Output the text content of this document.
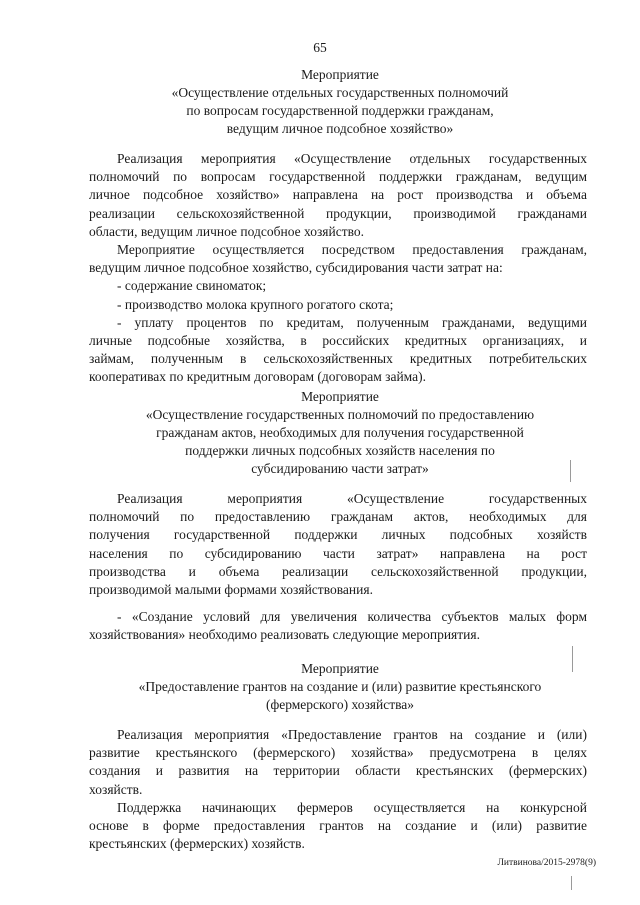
65
Мероприятие
«Осуществление отдельных государственных полномочий
по вопросам государственной поддержки гражданам,
ведущим личное подсобное хозяйство»
Реализация мероприятия «Осуществление отдельных государственных
полномочий по вопросам государственной поддержки гражданам, ведущим
личное подсобное хозяйство» направлена на рост производства и объема
реализации сельскохозяйственной продукции, производимой гражданами
области, ведущим личное подсобное хозяйство.
Мероприятие осуществляется посредством предоставления гражданам,
ведущим личное подсобное хозяйство, субсидирования части затрат на:
- содержание свиноматок;
- производство молока крупного рогатого скота;
- уплату процентов по кредитам, полученным гражданами, ведущими
личные подсобные хозяйства, в российских кредитных организациях, и
займам, полученным в сельскохозяйственных кредитных потребительских
кооперативах по кредитным договорам (договорам займа).
Мероприятие
«Осуществление государственных полномочий по предоставлению
гражданам актов, необходимых для получения государственной
поддержки личных подсобных хозяйств населения по
субсидированию части затрат»
Реализация мероприятия «Осуществление государственных
полномочий по предоставлению гражданам актов, необходимых для
получения государственной поддержки личных подсобных хозяйств
населения по субсидированию части затрат» направлена на рост
производства и объема реализации сельскохозяйственной продукции,
производимой малыми формами хозяйствования.
- «Создание условий для увеличения количества субъектов малых форм
хозяйствования» необходимо реализовать следующие мероприятия.
Мероприятие
«Предоставление грантов на создание и (или) развитие крестьянского
(фермерского) хозяйства»
Реализация мероприятия «Предоставление грантов на создание и (или)
развитие крестьянского (фермерского) хозяйства» предусмотрена в целях
создания и развития на территории области крестьянских (фермерских)
хозяйств.
Поддержка начинающих фермеров осуществляется на конкурсной
основе в форме предоставления грантов на создание и (или) развитие
крестьянских (фермерских) хозяйств.
Литвинова/2015-2978(9)
